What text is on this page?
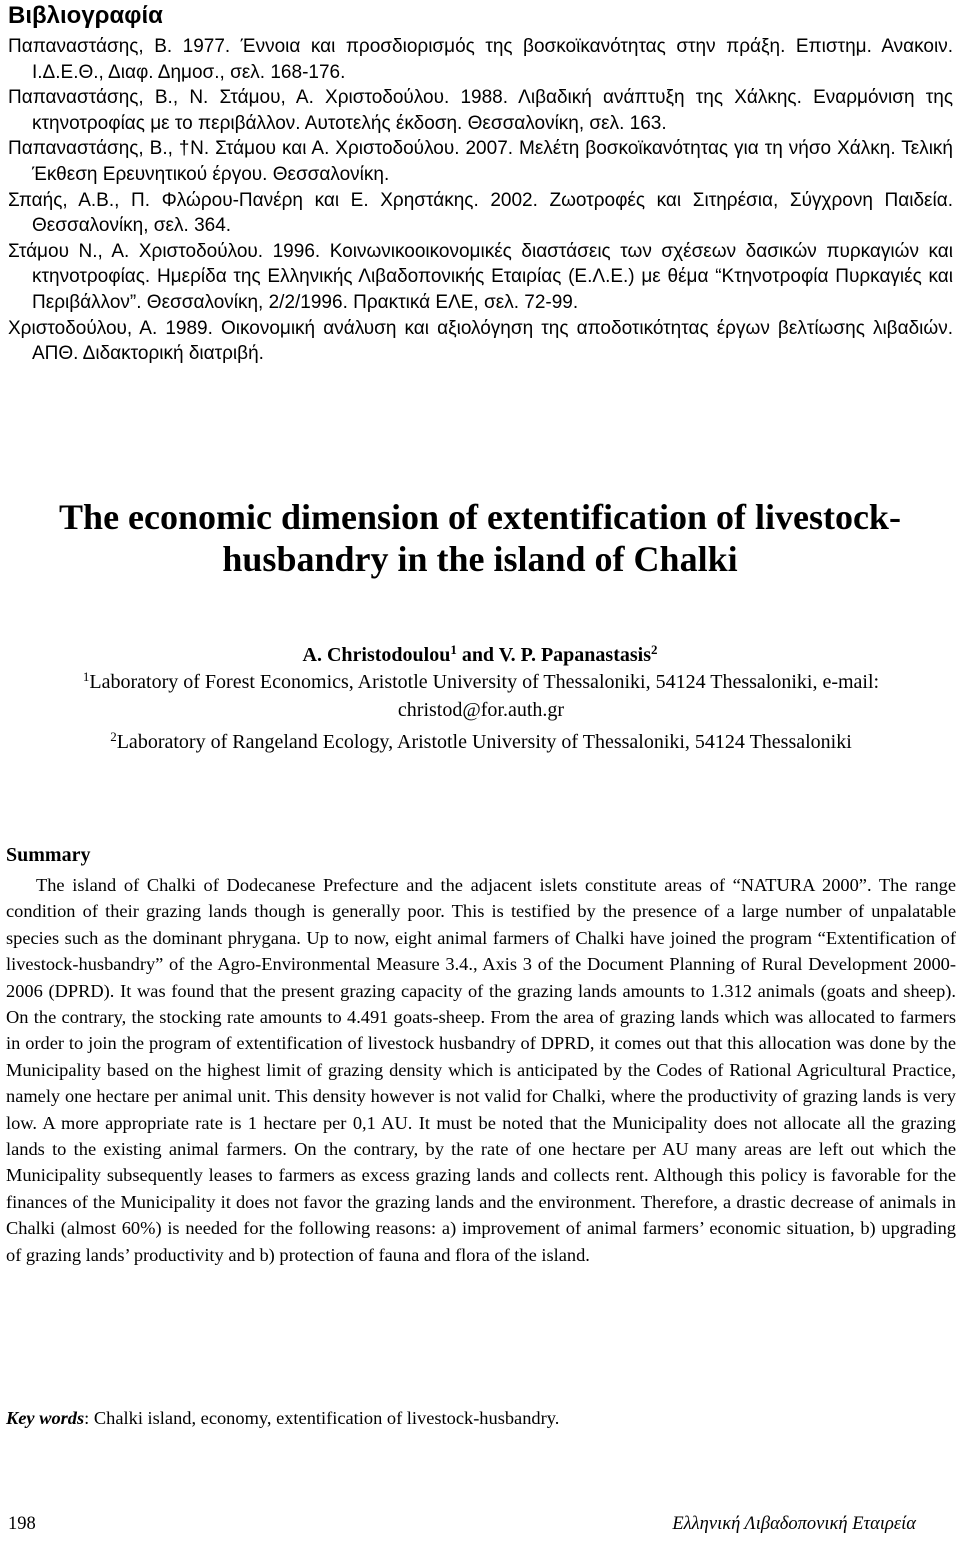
Βιβλιογραφία

Παπαναστάσης, Β. 1977. Έννοια και προσδιορισμός της βοσκοϊκανότητας στην πράξη. Επιστημ. Ανακοιν. Ι.Δ.Ε.Θ., Διαφ. Δημοσ., σελ. 168-176.

Παπαναστάσης, Β., Ν. Στάμου, Α. Χριστοδούλου. 1988. Λιβαδική ανάπτυξη της Χάλκης. Εναρμόνιση της κτηνοτροφίας με το περιβάλλον. Αυτοτελής έκδοση. Θεσσαλονίκη, σελ. 163.

Παπαναστάσης, Β., †Ν. Στάμου και Α. Χριστοδούλου. 2007. Μελέτη βοσκοϊκανότητας για τη νήσο Χάλκη. Τελική Έκθεση Ερευνητικού έργου. Θεσσαλονίκη.

Σπαής, Α.Β., Π. Φλώρου-Πανέρη και Ε. Χρηστάκης. 2002. Ζωοτροφές και Σιτηρέσια, Σύγχρονη Παιδεία. Θεσσαλονίκη, σελ. 364.

Στάμου Ν., Α. Χριστοδούλου. 1996. Κοινωνικοοικονομικές διαστάσεις των σχέσεων δασικών πυρκαγιών και κτηνοτροφίας. Ημερίδα της Ελληνικής Λιβαδοπονικής Εταιρίας (Ε.Λ.Ε.) με θέμα “Κτηνοτροφία Πυρκαγιές και Περιβάλλον”. Θεσσαλονίκη, 2/2/1996. Πρακτικά ΕΛΕ, σελ. 72-99.

Χριστοδούλου, Α. 1989. Οικονομική ανάλυση και αξιολόγηση της αποδοτικότητας έργων βελτίωσης λιβαδιών. ΑΠΘ. Διδακτορική διατριβή.

The economic dimension of extentification of livestock-husbandry in the island of Chalki
A. Christodoulou$^1$ and V. P. Papanastasis$^2$
$^1$Laboratory of Forest Economics, Aristotle University of Thessaloniki, 54124 Thessaloniki, e-mail: christod@for.auth.gr
$^2$Laboratory of Rangeland Ecology, Aristotle University of Thessaloniki, 54124 Thessaloniki
Summary

The island of Chalki of Dodecanese Prefecture and the adjacent islets constitute areas of “NATURA 2000”. The range condition of their grazing lands though is generally poor. This is testified by the presence of a large number of unpalatable species such as the dominant phrygana. Up to now, eight animal farmers of Chalki have joined the program “Extentification of livestock-husbandry” of the Agro-Environmental Measure 3.4., Axis 3 of the Document Planning of Rural Development 2000-2006 (DPRD). It was found that the present grazing capacity of the grazing lands amounts to 1.312 animals (goats and sheep). On the contrary, the stocking rate amounts to 4.491 goats-sheep. From the area of grazing lands which was allocated to farmers in order to join the program of extentification of livestock husbandry of DPRD, it comes out that this allocation was done by the Municipality based on the highest limit of grazing density which is anticipated by the Codes of Rational Agricultural Practice, namely one hectare per animal unit. This density however is not valid for Chalki, where the productivity of grazing lands is very low. A more appropriate rate is 1 hectare per 0,1 AU. It must be noted that the Municipality does not allocate all the grazing lands to the existing animal farmers. On the contrary, by the rate of one hectare per AU many areas are left out which the Municipality subsequently leases to farmers as excess grazing lands and collects rent. Although this policy is favorable for the finances of the Municipality it does not favor the grazing lands and the environment. Therefore, a drastic decrease of animals in Chalki (almost 60%) is needed for the following reasons: a) improvement of animal farmers’ economic situation, b) upgrading of grazing lands’ productivity and b) protection of fauna and flora of the island.

Key words: Chalki island, economy, extentification of livestock-husbandry.
198	Ελληνική Λιβαδοπονική Εταιρεία
